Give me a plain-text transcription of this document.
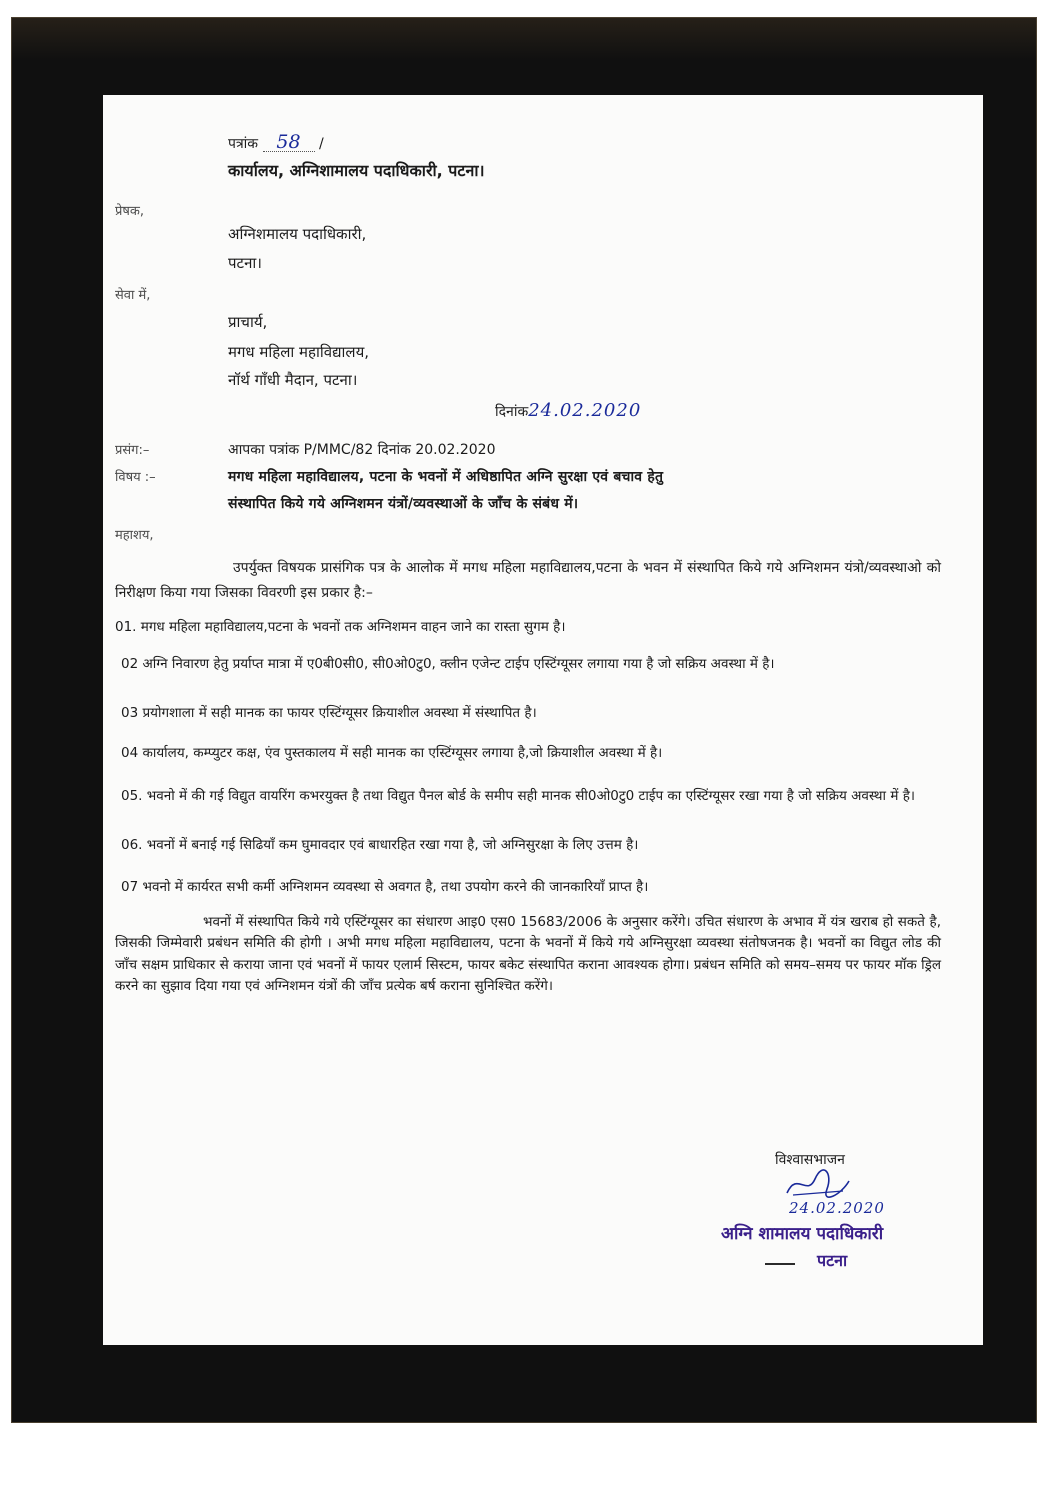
पत्रांक 58 /
कार्यालय, अग्निशामालय पदाधिकारी, पटना।
प्रेषक,
अग्निशमालय पदाधिकारी,
पटना।
सेवा में,
प्राचार्य,
मगध महिला महाविद्यालय,
नॉर्थ गाँधी मैदान, पटना।
दिनांक24.02.2020
प्रसंग:–	आपका पत्रांक P/MMC/82 दिनांक 20.02.2020
विषय :–	मगध महिला महाविद्यालय, पटना के भवनों में अधिष्ठापित अग्नि सुरक्षा एवं बचाव हेतु
संस्थापित किये गये अग्निशमन यंत्रों/व्यवस्थाओं के जाँच के संबंध में।
महाशय,
उपर्युक्त विषयक प्रासंगिक पत्र के आलोक में मगध महिला महाविद्यालय,पटना के भवन में संस्थापित किये गये अग्निशमन यंत्रो/व्यवस्थाओ को निरीक्षण किया गया जिसका विवरणी इस प्रकार है:–
01. मगध महिला महाविद्यालय,पटना के भवनों तक अग्निशमन वाहन जाने का रास्ता सुगम है।
02 अग्नि निवारण हेतु प्रर्याप्त मात्रा में ए0बी0सी0, सी0ओ0टु0, क्लीन एजेन्ट टाईप एस्टिंग्यूसर लगाया गया है जो सक्रिय अवस्था में है।
03 प्रयोगशाला में सही मानक का फायर एस्टिंग्यूसर क्रियाशील अवस्था में संस्थापित है।
04 कार्यालय, कम्प्युटर कक्ष, एंव पुस्तकालय में सही मानक का एस्टिंग्यूसर लगाया है,जो क्रियाशील अवस्था में है।
05. भवनो में की गई विद्युत वायरिंग कभरयुक्त है तथा विद्युत पैनल बोर्ड के समीप सही मानक सी0ओ0टु0 टाईप का एस्टिंग्यूसर रखा गया है जो सक्रिय अवस्था में है।
06. भवनों में बनाई गई सिढियाँ कम घुमावदार एवं बाधारहित रखा गया है, जो अग्निसुरक्षा के लिए उत्तम है।
07 भवनो में कार्यरत सभी कर्मी अग्निशमन व्यवस्था से अवगत है, तथा उपयोग करने की जानकारियाँ प्राप्त है।
भवनों में संस्थापित किये गये एस्टिंग्यूसर का संधारण आइ0 एस0 15683/2006 के अनुसार करेंगे। उचित संधारण के अभाव में यंत्र खराब हो सकते है, जिसकी जिम्मेवारी प्रबंधन समिति की होगी । अभी मगध महिला महाविद्यालय, पटना के भवनों में किये गये अग्निसुरक्षा व्यवस्था संतोषजनक है। भवनों का विद्युत लोड की जाँच सक्षम प्राधिकार से कराया जाना एवं भवनों में फायर एलार्म सिस्टम, फायर बकेट संस्थापित कराना आवश्यक होगा। प्रबंधन समिति को समय–समय पर फायर मॉक ड्रिल करने का सुझाव दिया गया एवं अग्निशमन यंत्रों की जाँच प्रत्येक बर्ष कराना सुनिश्चित करेंगे।
विश्वासभाजन
24.02.2020
अग्नि शामालय पदाधिकारी
पटना
